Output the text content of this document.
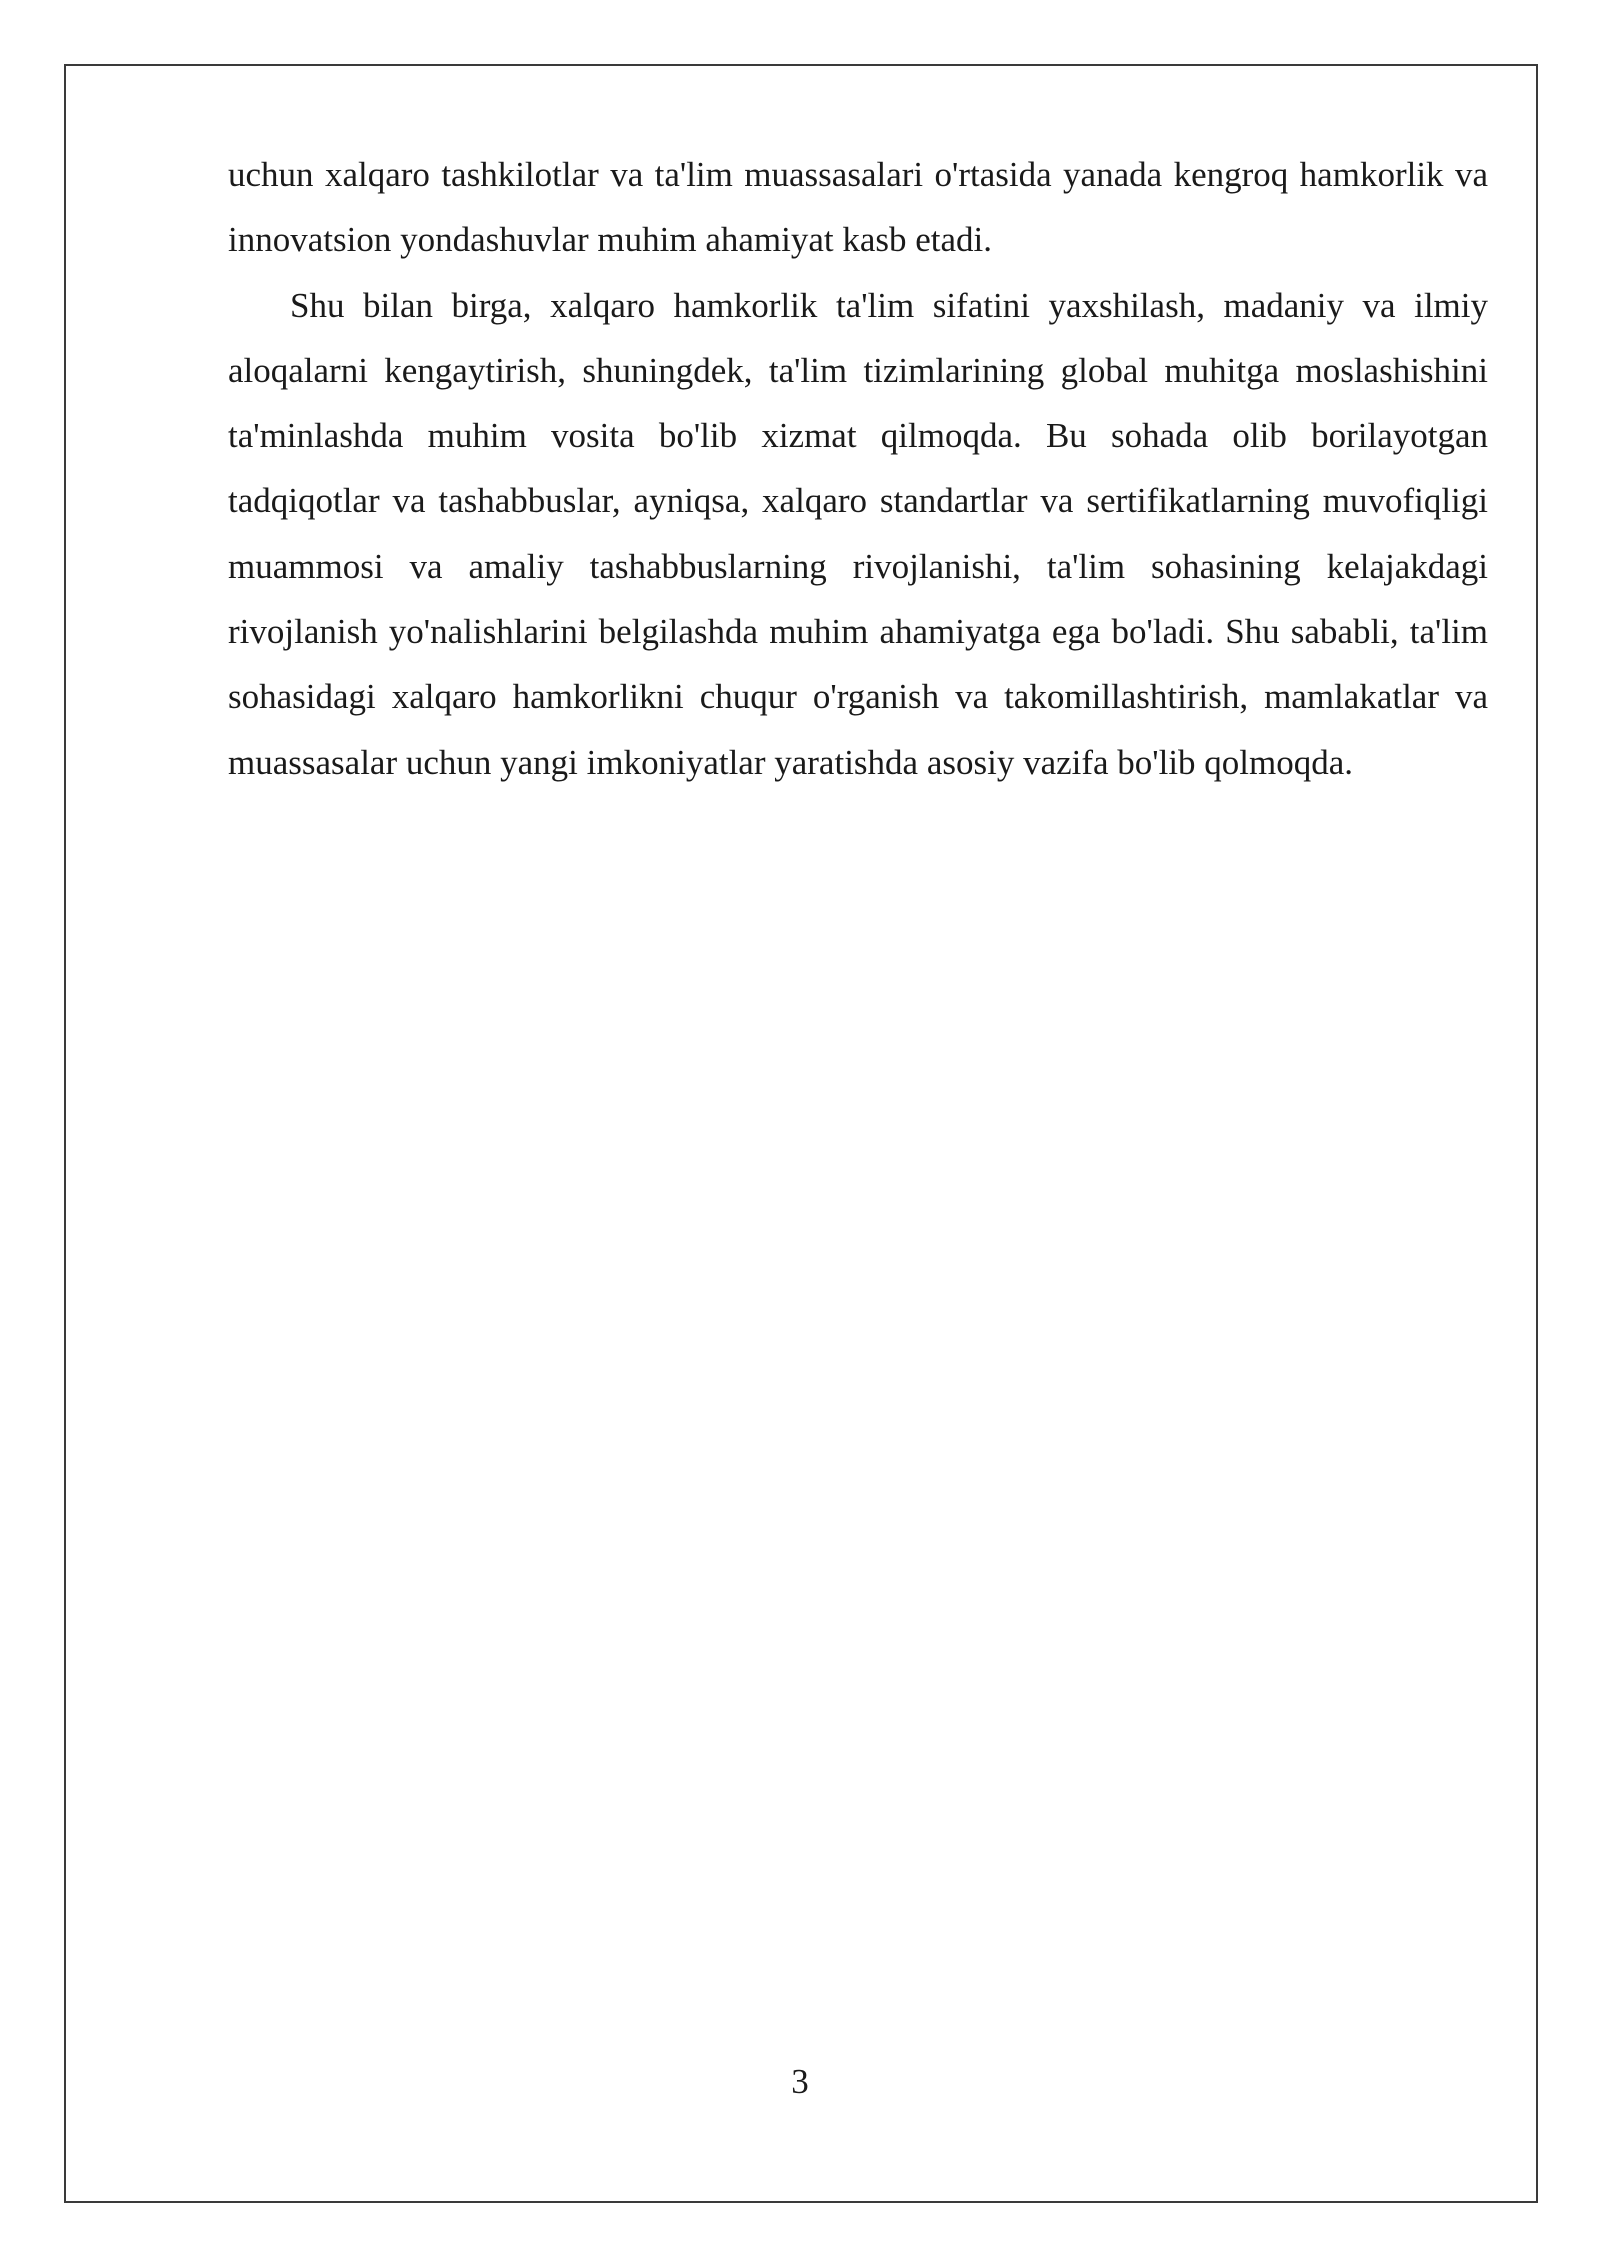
uchun xalqaro tashkilotlar va ta'lim muassasalari o'rtasida yanada kengroq hamkorlik va innovatsion yondashuvlar muhim ahamiyat kasb etadi.

Shu bilan birga, xalqaro hamkorlik ta'lim sifatini yaxshilash, madaniy va ilmiy aloqalarni kengaytirish, shuningdek, ta'lim tizimlarining global muhitga moslashishini ta'minlashda muhim vosita bo'lib xizmat qilmoqda. Bu sohada olib borilayotgan tadqiqotlar va tashabbuslar, ayniqsa, xalqaro standartlar va sertifikatlarning muvofiqligi muammosi va amaliy tashabbuslarning rivojlanishi, ta'lim sohasining kelajakdagi rivojlanish yo'nalishlarini belgilashda muhim ahamiyatga ega bo'ladi. Shu sababli, ta'lim sohasidagi xalqaro hamkorlikni chuqur o'rganish va takomillashtirish, mamlakatlar va muassasalar uchun yangi imkoniyatlar yaratishda asosiy vazifa bo'lib qolmoqda.

3
